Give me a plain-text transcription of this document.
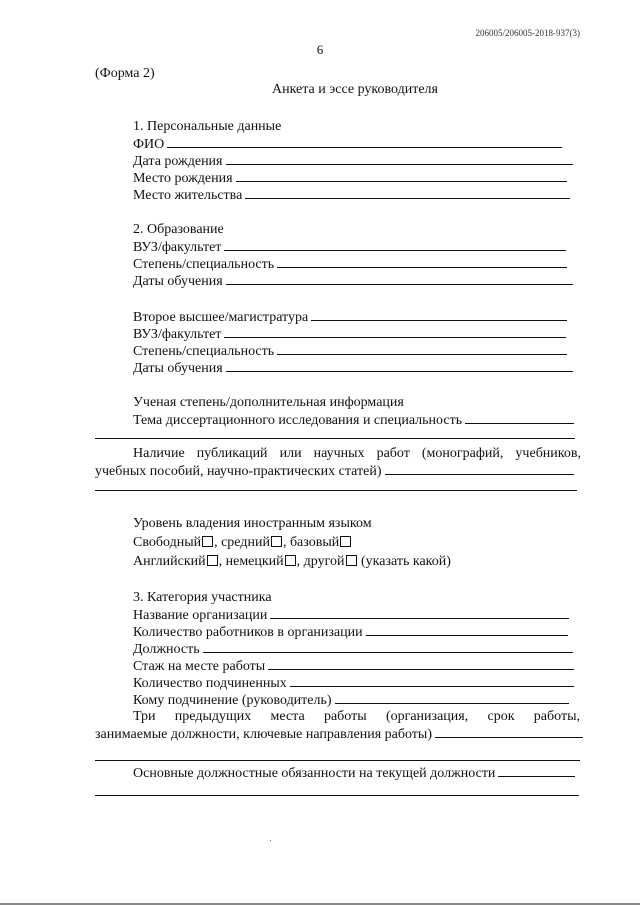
206005/206005-2018-937(3)
6
(Форма 2)
Анкета и эссе руководителя
1. Персональные данные
ФИО
Дата рождения
Место рождения
Место жительства
2. Образование
ВУЗ/факультет
Степень/специальность
Даты обучения
Второе высшее/магистратура
ВУЗ/факультет
Степень/специальность
Даты обучения
Ученая степень/дополнительная информация
Тема диссертационного исследования и специальность
Наличие публикаций или научных работ (монографий, учебников,
учебных пособий, научно-практических статей)
Уровень владения иностранным языком
Свободный , средний , базовый
Английский , немецкий , другой (указать какой)
3. Категория участника
Название организации
Количество работников в организации
Должность
Стаж на месте работы
Количество подчиненных
Кому подчинение (руководитель)
Три предыдущих места работы (организация, срок работы,
занимаемые должности, ключевые направления работы)
Основные должностные обязанности на текущей должности
